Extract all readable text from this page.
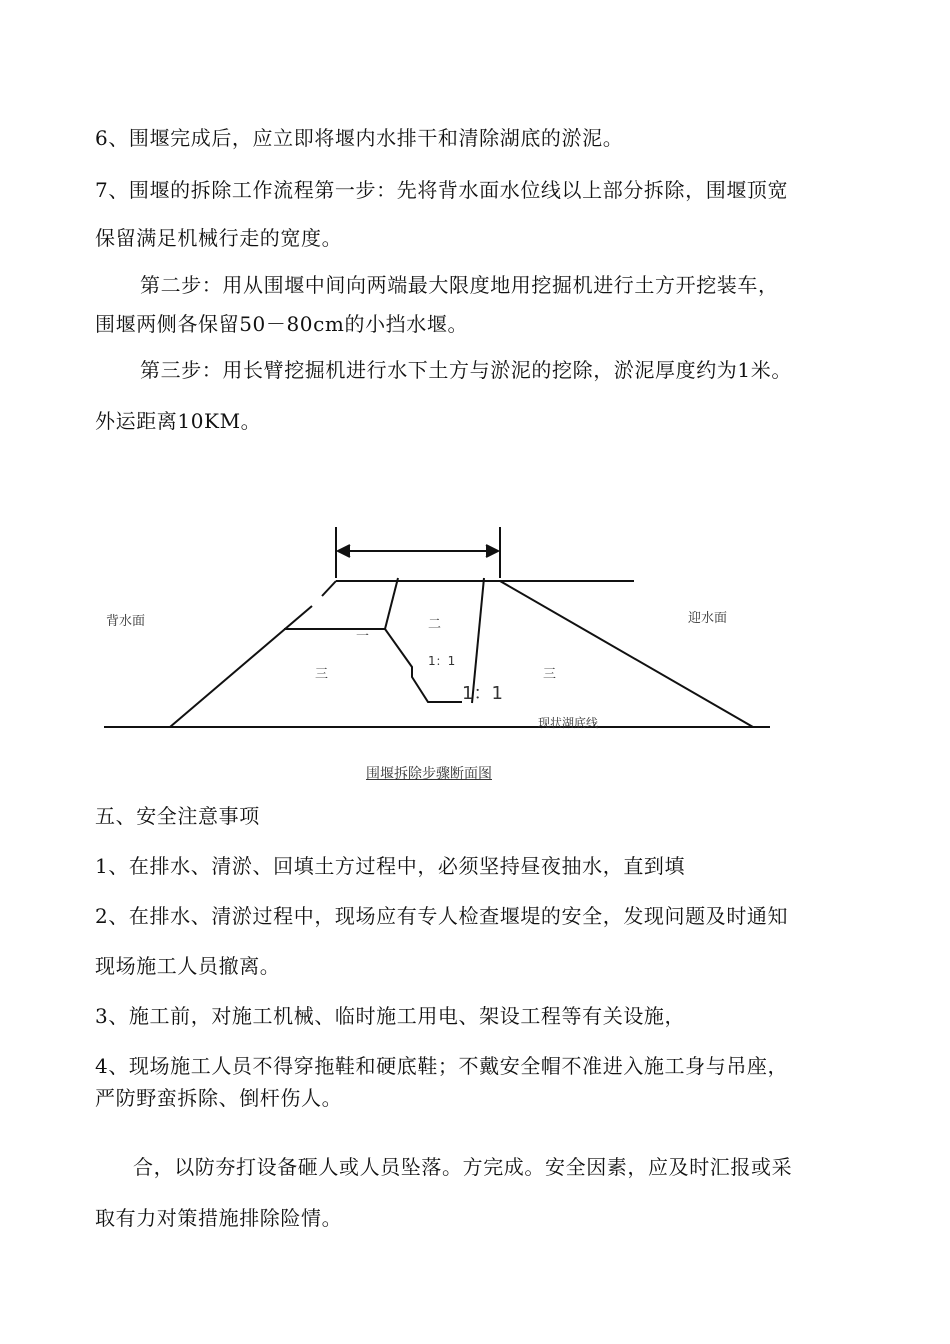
6、围堰完成后，应立即将堰内水排干和清除湖底的淤泥。
7、围堰的拆除工作流程第一步：先将背水面水位线以上部分拆除，围堰顶宽
保留满足机械行走的宽度。
第二步：用从围堰中间向两端最大限度地用挖掘机进行土方开挖装车，
围堰两侧各保留50－80cm的小挡水堰。
第三步：用长臂挖掘机进行水下土方与淤泥的挖除，淤泥厚度约为1米。
外运距离10KM。
背水面	迎水面
一
二
三	三
1：1
1：1
现状湖底线
围堰拆除步骤断面图
五、安全注意事项
1、在排水、清淤、回填土方过程中，必须坚持昼夜抽水，直到填
2、在排水、清淤过程中，现场应有专人检查堰堤的安全，发现问题及时通知
现场施工人员撤离。
3、施工前，对施工机械、临时施工用电、架设工程等有关设施，
4、现场施工人员不得穿拖鞋和硬底鞋；不戴安全帽不准进入施工身与吊座，
严防野蛮拆除、倒杆伤人。
合，以防夯打设备砸人或人员坠落。方完成。安全因素，应及时汇报或采
取有力对策措施排除险情。
